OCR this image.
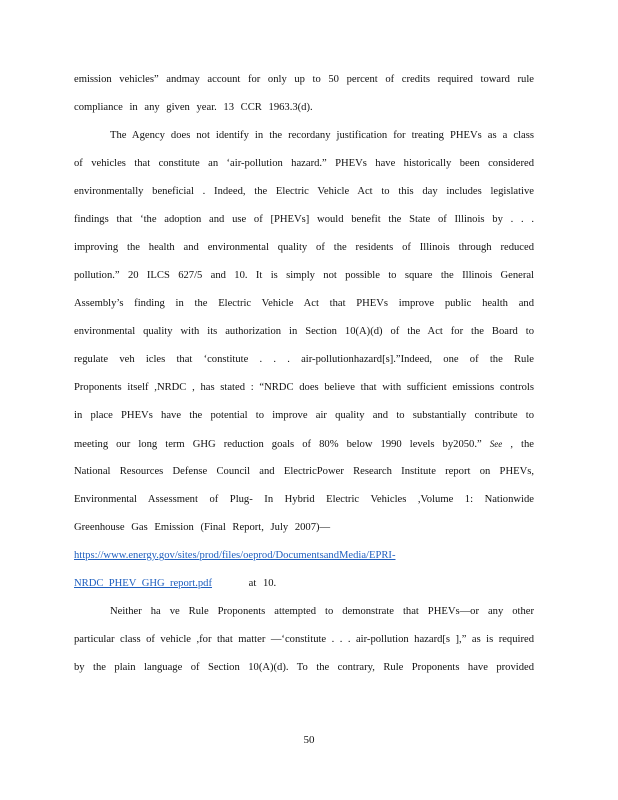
emission vehicles” andmay account for only up to 50 percent of credits required toward rule
compliance in any given year. 13 CCR 1963.3(d).
The Agency does not identify in the recordany justification for treating PHEVs as a class
of vehicles that constitute an ‘air-pollution hazard.” PHEVs have historically been considered
environmentally beneficial . Indeed, the Electric Vehicle Act to this day includes legislative
findings that ‘the adoption and use of [PHEVs] would benefit the State of Illinois by . . .
improving the health and environmental quality of the residents of Illinois through reduced
pollution.” 20 ILCS 627/5 and 10. It is simply not possible to square the Illinois General
Assembly’s finding in the Electric Vehicle Act that PHEVs improve public health and
environmental quality with its authorization in Section 10(A)(d) of the Act for the Board to
regulate veh icles that ‘constitute . . . air-pollutionhazard[s].”Indeed, one of the Rule
Proponents itself ,NRDC , has stated : “NRDC does believe that with sufficient emissions controls
in place PHEVs have the potential to improve air quality and to substantially contribute to
meeting our long term GHG reduction goals of 80% below 1990 levels by2050.” See , the
National Resources Defense Council and ElectricPower Research Institute report on PHEVs,
Environmental Assessment of Plug- In Hybrid Electric Vehicles ,Volume 1: Nationwide
Greenhouse Gas Emission (Final Report, July 2007)—
https://www.energy.gov/sites/prod/files/oeprod/DocumentsandMedia/EPRI-
NRDC_PHEV_GHG_report.pdf	at 10.
Neither ha ve Rule Proponents attempted to demonstrate that PHEVs—or any other
particular class of vehicle ,for that matter —‘constitute . . . air-pollution hazard[s ],” as is required
by the plain language of Section 10(A)(d). To the contrary, Rule Proponents have provided
50
